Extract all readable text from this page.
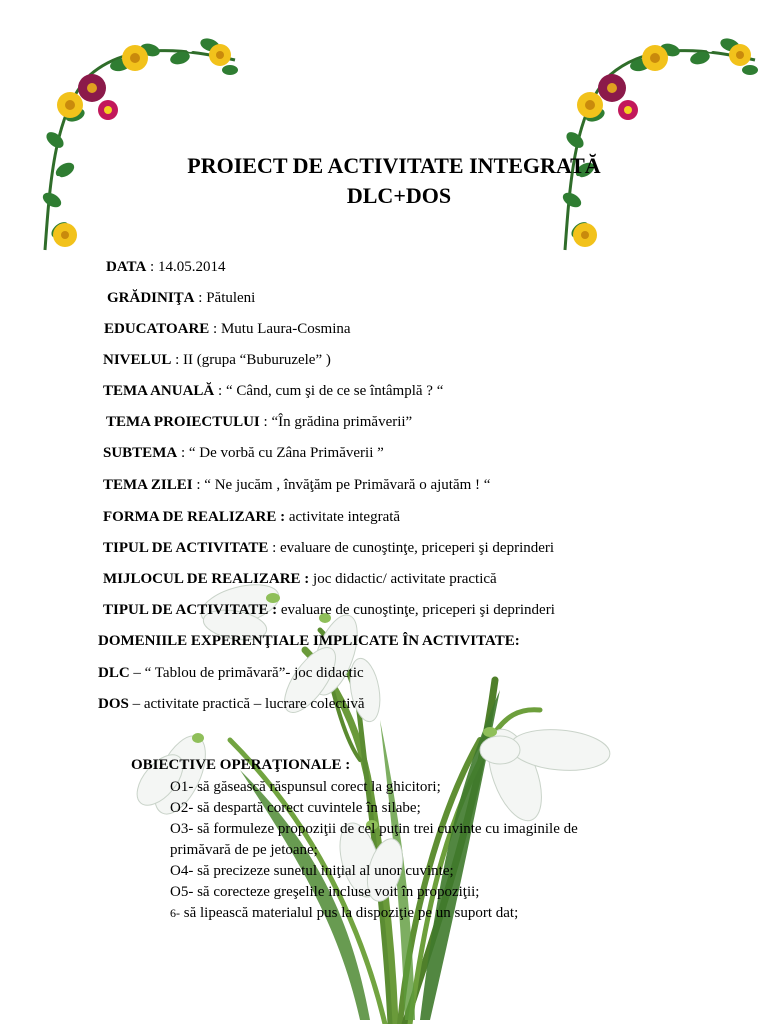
PROIECT DE ACTIVITATE INTEGRATĂ
DLC+DOS
DATA : 14.05.2014
GRĂDINIŢA : Pătuleni
EDUCATOARE : Mutu Laura-Cosmina
NIVELUL : II (grupa “Buburuzele” )
TEMA ANUALĂ : “ Când, cum şi de ce se întâmplă ? “
TEMA PROIECTULUI : “În grădina primăverii”
SUBTEMA : “ De vorbă cu Zâna Primăverii ”
TEMA ZILEI : “ Ne jucăm , învăţăm pe Primăvară o ajutăm ! “
FORMA DE REALIZARE : activitate integrată
TIPUL DE ACTIVITATE : evaluare de cunoştinţe, priceperi şi deprinderi
MIJLOCUL DE REALIZARE : joc didactic/ activitate practică
TIPUL DE ACTIVITATE : evaluare de cunoştinţe, priceperi şi deprinderi
DOMENIILE EXPERENŢIALE IMPLICATE ÎN ACTIVITATE:
DLC – “ Tablou de primăvară”- joc didactic
DOS – activitate practică – lucrare colectivă
OBIECTIVE OPERAŢIONALE :
O1- să găsească răspunsul corect la ghicitori;
O2- să despartă corect cuvintele în silabe;
O3- să formuleze propoziţii de cel puţin trei cuvinte cu imaginile de
primăvară de pe jetoane;
O4- să precizeze sunetul iniţial al unor cuvinte;
O5- să corecteze greşelile incluse voit în propoziţii;
6- să lipească materialul pus la dispoziţie pe un suport dat;
